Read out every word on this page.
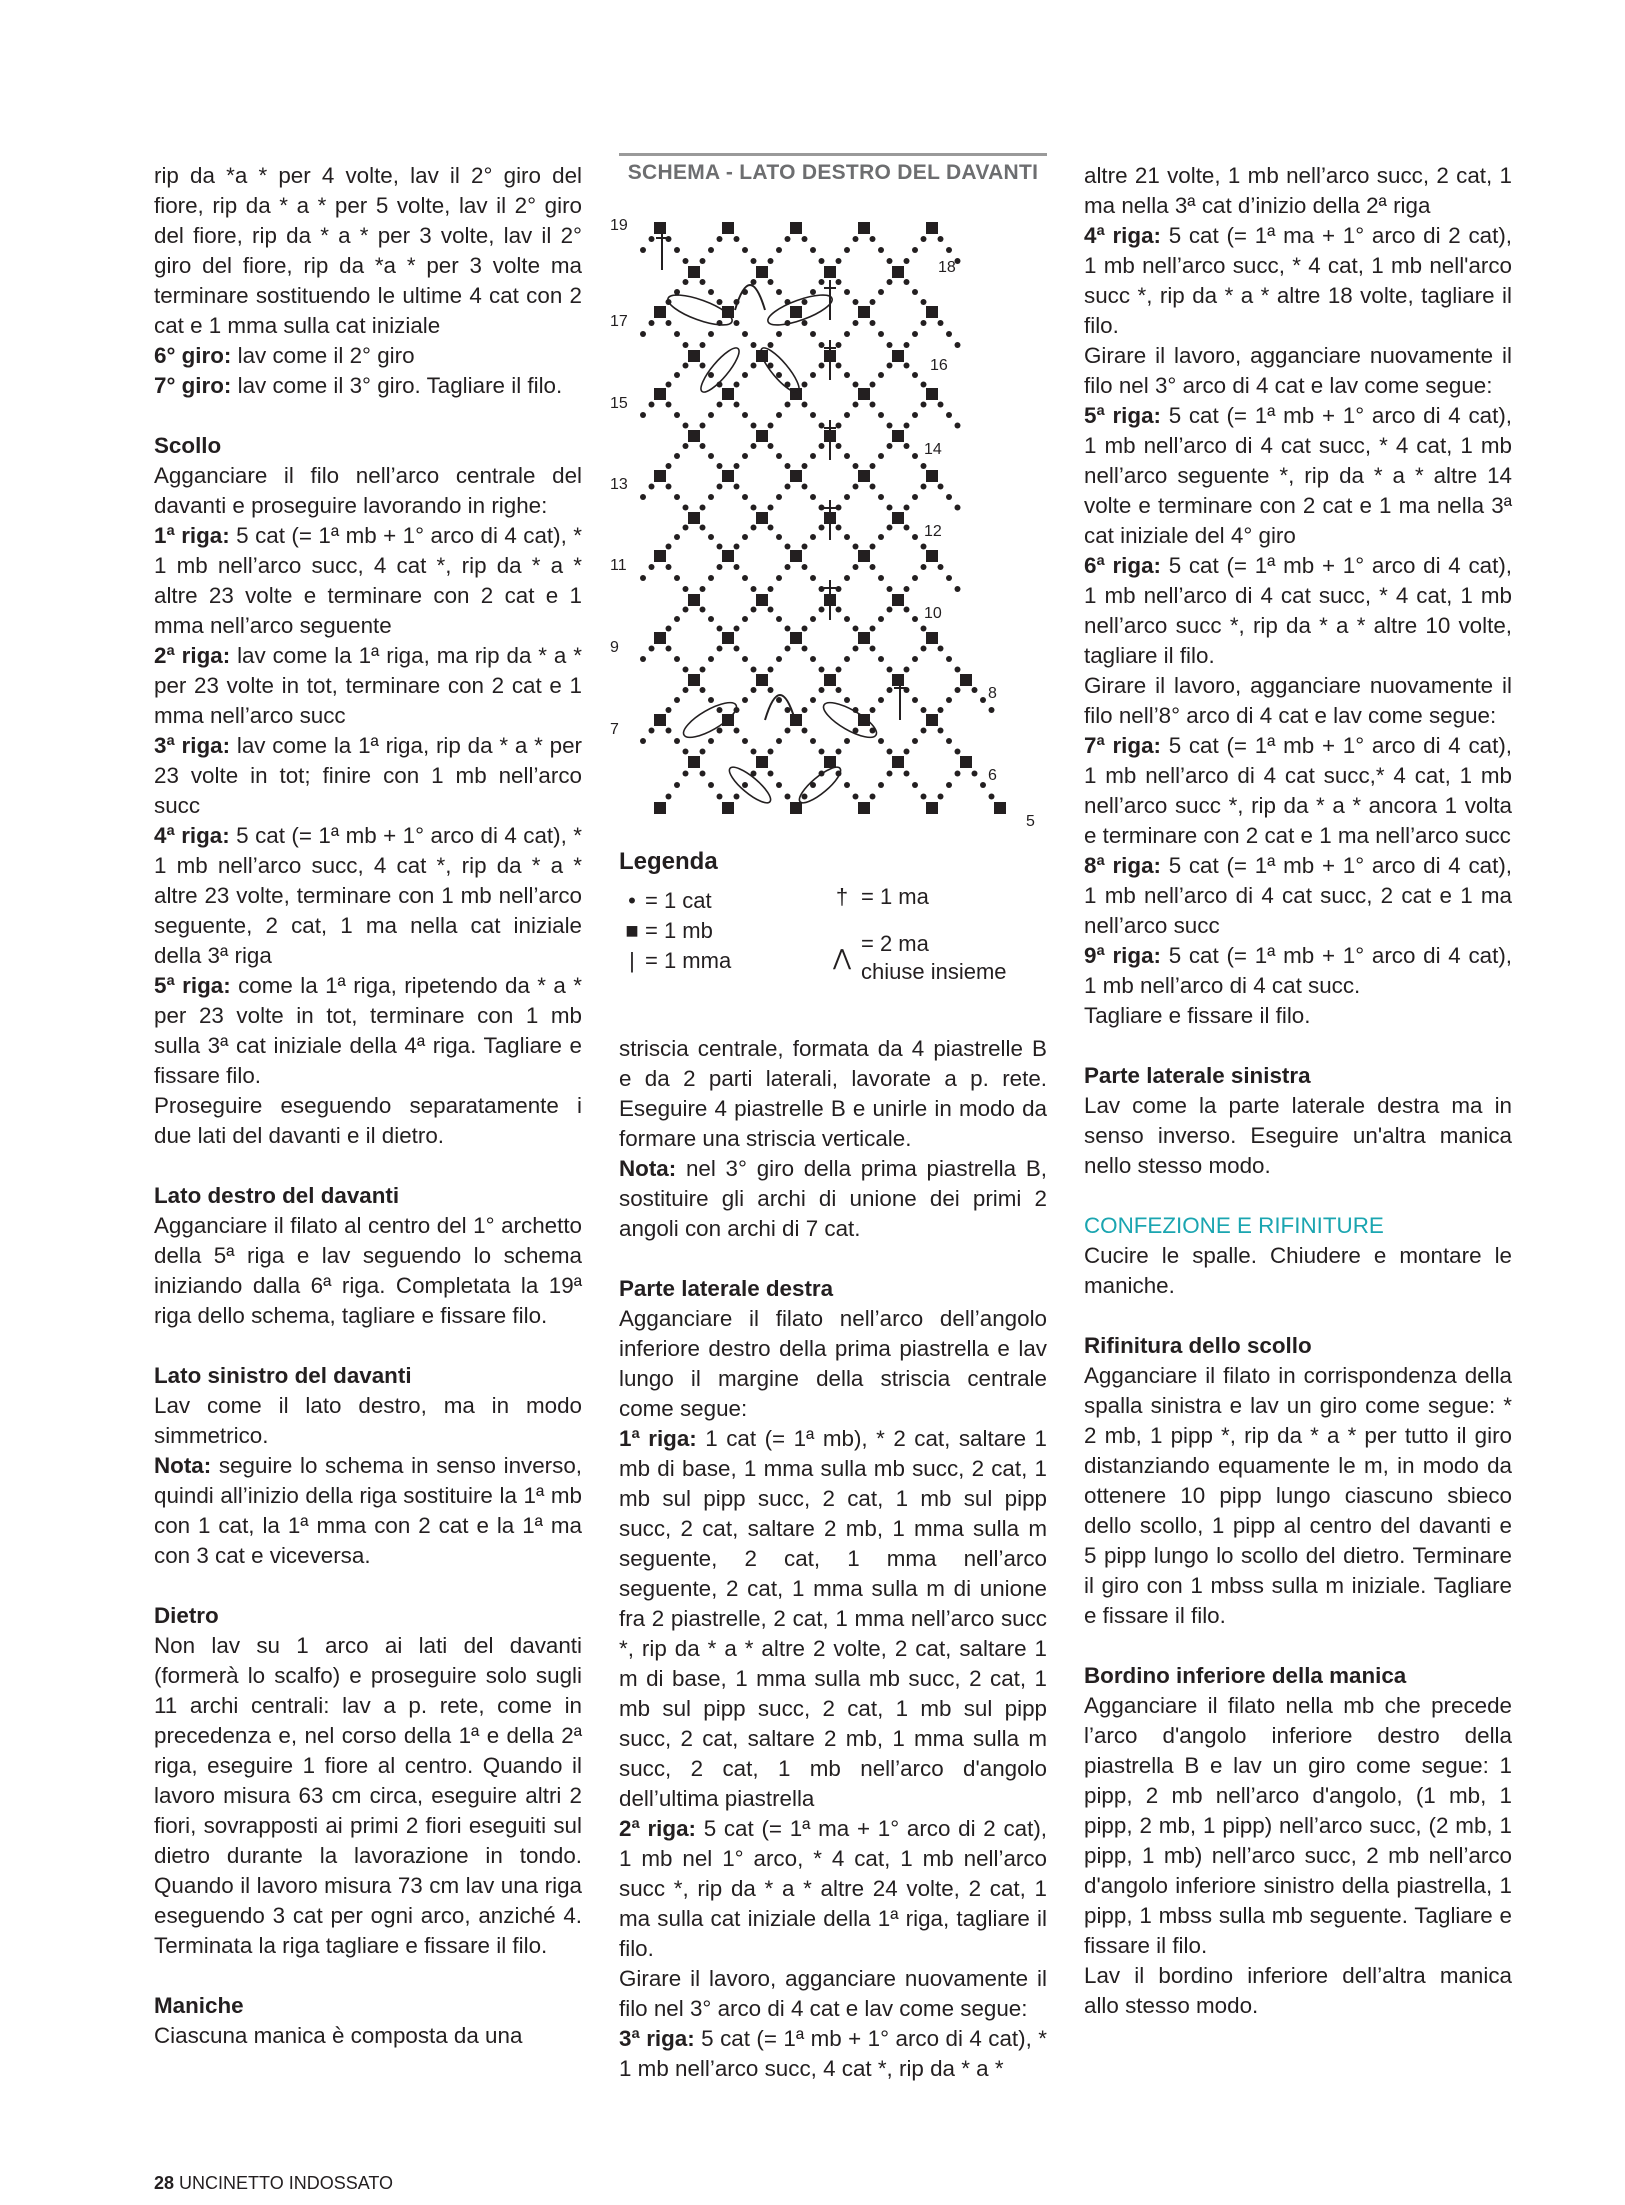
rip da *a * per 4 volte, lav il 2° giro del fiore, rip da * a * per 5 volte, lav il 2° giro del fiore, rip da * a * per 3 volte, lav il 2° giro del fiore, rip da *a * per 3 volte ma terminare sostituendo le ultime 4 cat con 2 cat e 1 mma sulla cat iniziale

6° giro: lav come il 2° giro

7° giro: lav come il 3° giro. Tagliare il filo.

Scollo

Agganciare il filo nell’arco centrale del davanti e proseguire lavorando in righe:

1ª riga: 5 cat (= 1ª mb + 1° arco di 4 cat), * 1 mb nell’arco succ, 4 cat *, rip da * a * altre 23 volte e terminare con 2 cat e 1 mma nell’arco seguente

2ª riga: lav come la 1ª riga, ma rip da * a * per 23 volte in tot, terminare con 2 cat e 1 mma nell’arco succ

3ª riga: lav come la 1ª riga, rip da * a * per 23 volte in tot; finire con 1 mb nell’arco succ

4ª riga: 5 cat (= 1ª mb + 1° arco di 4 cat), * 1 mb nell’arco succ, 4 cat *, rip da * a * altre 23 volte, terminare con 1 mb nell’arco seguente, 2 cat, 1 ma nella cat iniziale della 3ª riga

5ª riga: come la 1ª riga, ripetendo da * a * per 23 volte in tot, terminare con 1 mb sulla 3ª cat iniziale della 4ª riga. Tagliare e fissare filo.

Proseguire eseguendo separatamente i due lati del davanti e il dietro.

Lato destro del davanti

Agganciare il filato al centro del 1° archetto della 5ª riga e lav seguendo lo schema iniziando dalla 6ª riga. Completata la 19ª riga dello schema, tagliare e fissare filo.

Lato sinistro del davanti

Lav come il lato destro, ma in modo simmetrico.

Nota: seguire lo schema in senso inverso, quindi all’inizio della riga sostituire la 1ª mb con 1 cat, la 1ª mma con 2 cat e la 1ª ma con 3 cat e viceversa.

Dietro

Non lav su 1 arco ai lati del davanti (formerà lo scalfo) e proseguire solo sugli 11 archi centrali: lav a p. rete, come in precedenza e, nel corso della 1ª e della 2ª riga, eseguire 1 fiore al centro. Quando il lavoro misura 63 cm circa, eseguire altri 2 fiori, sovrapposti ai primi 2 fiori eseguiti sul dietro durante la lavorazione in tondo. Quando il lavoro misura 73 cm lav una riga eseguendo 3 cat per ogni arco, anziché 4. Terminata la riga tagliare e fissare il filo.

Maniche

Ciascuna manica è composta da una

SCHEMA - LATO DESTRO DEL DAVANTI
19
17
15
13
11
9
7
18
16
14
12
10
8
6
5
Legenda
• = 1 cat
■ = 1 mb
| = 1 mma
† = 1 ma
⋀
= 2 ma
chiuse insieme

striscia centrale, formata da 4 piastrelle B e da 2 parti laterali, lavorate a p. rete. Eseguire 4 piastrelle B e unirle in modo da formare una striscia verticale.

Nota: nel 3° giro della prima piastrella B, sostituire gli archi di unione dei primi 2 angoli con archi di 7 cat.

Parte laterale destra

Agganciare il filato nell’arco dell’angolo inferiore destro della prima piastrella e lav lungo il margine della striscia centrale come segue:

1ª riga: 1 cat (= 1ª mb), * 2 cat, saltare 1 mb di base, 1 mma sulla mb succ, 2 cat, 1 mb sul pipp succ, 2 cat, 1 mb sul pipp succ, 2 cat, saltare 2 mb, 1 mma sulla m seguente, 2 cat, 1 mma nell’arco seguente, 2 cat, 1 mma sulla m di unione fra 2 piastrelle, 2 cat, 1 mma nell’arco succ *, rip da * a * altre 2 volte, 2 cat, saltare 1 m di base, 1 mma sulla mb succ, 2 cat, 1 mb sul pipp succ, 2 cat, 1 mb sul pipp succ, 2 cat, saltare 2 mb, 1 mma sulla m succ, 2 cat, 1 mb nell’arco d'angolo dell’ultima piastrella

2ª riga: 5 cat (= 1ª ma + 1° arco di 2 cat), 1 mb nel 1° arco, * 4 cat, 1 mb nell’arco succ *, rip da * a * altre 24 volte, 2 cat, 1 ma sulla cat iniziale della 1ª riga, tagliare il filo.

Girare il lavoro, agganciare nuovamente il filo nel 3° arco di 4 cat e lav come segue:

3ª riga: 5 cat (= 1ª mb + 1° arco di 4 cat), * 1 mb nell’arco succ, 4 cat *, rip da * a *

altre 21 volte, 1 mb nell’arco succ, 2 cat, 1 ma nella 3ª cat d’inizio della 2ª riga

4ª riga: 5 cat (= 1ª ma + 1° arco di 2 cat), 1 mb nell’arco succ, * 4 cat, 1 mb nell'arco succ *, rip da * a * altre 18 volte, tagliare il filo.

Girare il lavoro, agganciare nuovamente il filo nel 3° arco di 4 cat e lav come segue:

5ª riga: 5 cat (= 1ª mb + 1° arco di 4 cat), 1 mb nell’arco di 4 cat succ, * 4 cat, 1 mb nell’arco seguente *, rip da * a * altre 14 volte e terminare con 2 cat e 1 ma nella 3ª cat iniziale del 4° giro

6ª riga: 5 cat (= 1ª mb + 1° arco di 4 cat), 1 mb nell’arco di 4 cat succ, * 4 cat, 1 mb nell’arco succ *, rip da * a * altre 10 volte, tagliare il filo.

Girare il lavoro, agganciare nuovamente il filo nell’8° arco di 4 cat e lav come segue:

7ª riga: 5 cat (= 1ª mb + 1° arco di 4 cat), 1 mb nell’arco di 4 cat succ,* 4 cat, 1 mb nell’arco succ *, rip da * a * ancora 1 volta e terminare con 2 cat e 1 ma nell’arco succ

8ª riga: 5 cat (= 1ª mb + 1° arco di 4 cat), 1 mb nell’arco di 4 cat succ, 2 cat e 1 ma nell’arco succ

9ª riga: 5 cat (= 1ª mb + 1° arco di 4 cat), 1 mb nell’arco di 4 cat succ.

Tagliare e fissare il filo.

Parte laterale sinistra

Lav come la parte laterale destra ma in senso inverso. Eseguire un'altra manica nello stesso modo.

CONFEZIONE E RIFINITURE

Cucire le spalle. Chiudere e montare le maniche.

Rifinitura dello scollo

Agganciare il filato in corrispondenza della spalla sinistra e lav un giro come segue: * 2 mb, 1 pipp *, rip da * a * per tutto il giro distanziando equamente le m, in modo da ottenere 10 pipp lungo ciascuno sbieco dello scollo, 1 pipp al centro del davanti e 5 pipp lungo lo scollo del dietro. Terminare il giro con 1 mbss sulla m iniziale. Tagliare e fissare il filo.

Bordino inferiore della manica

Agganciare il filato nella mb che precede l’arco d'angolo inferiore destro della piastrella B e lav un giro come segue: 1 pipp, 2 mb nell’arco d'angolo, (1 mb, 1 pipp, 2 mb, 1 pipp) nell’arco succ, (2 mb, 1 pipp, 1 mb) nell’arco succ, 2 mb nell’arco d'angolo inferiore sinistro della piastrella, 1 pipp, 1 mbss sulla mb seguente. Tagliare e fissare il filo.

Lav il bordino inferiore dell’altra manica allo stesso modo.

28 UNCINETTO INDOSSATO
